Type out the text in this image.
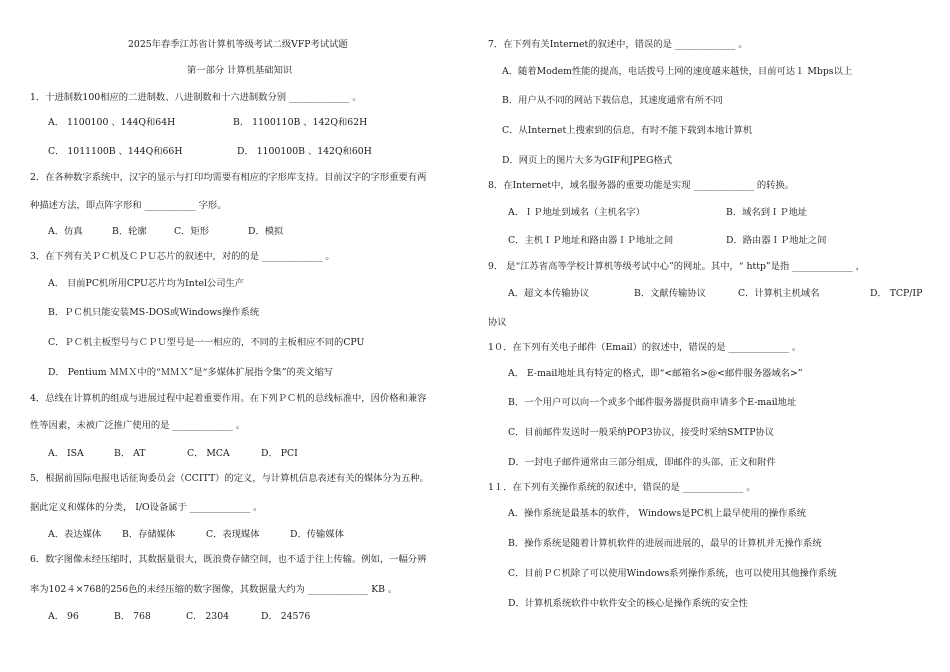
2025年春季江苏省计算机等级考试二级VFP考试试题
第一部分 计算机基础知识
1．十进制数100相应的二进制数、八进制数和十六进制数分别 _____________ 。
A． 1100100 、144Q和64H	B． 1100110B 、142Q和62H
C． 1011100B 、144Q和66H	D． 1100100B 、142Q和60H
2．在各种数字系统中，汉字的显示与打印均需要有相应的字形库支持。目前汉字的字形重要有两
种描述方法，即点阵字形和 ___________ 字形。
A．仿真	B．轮廓	C．矩形	D．模拟
3．在下列有关ＰＣ机及ＣＰＵ芯片的叙述中，对的的是 _____________ 。
A． 目前PC机所用CPU芯片均为Intel公司生产
B．ＰＣ机只能安装MS-DOS或Windows操作系统
C．ＰＣ机主板型号与ＣＰＵ型号是一一相应的，不同的主板相应不同的CPU
D． Pentium ＭＭＸ中的“ＭＭＸ”是“多媒体扩展指令集”的英文缩写
4．总线在计算机的组成与进展过程中起着重要作用。在下列ＰＣ机的总线标准中，因价格和兼容
性等因素，未被广泛推广使用的是 _____________ 。
A． ISA	B． AT	C． MCA	D． PCI
5．根据前国际电报电话征询委员会（CCITT）的定义，与计算机信息表述有关的媒体分为五种。
据此定义和媒体的分类， I/O设备属于 _____________ 。
A．表达媒体 B．存储媒体	C．表现媒体	D．传输媒体
6．数字图像未经压缩时，其数据量很大，既浪费存储空间，也不适于往上传输。例如，一幅分辨
率为102４×768的256色的未经压缩的数字图像，其数据量大约为 _____________ KB 。
A． 96	B． 768	C． 2304	D． 24576
7．在下列有关Internet的叙述中，错误的是 _____________ 。
A．随着Modem性能的提高，电话拨号上网的速度越来越快，目前可达１ Mbps以上
B．用户从不同的网站下载信息，其速度通常有所不同
C．从Internet上搜索到的信息，有时不能下载到本地计算机
D．网页上的图片大多为GIF和JPEG格式
8．在Internet中，域名服务器的重要功能是实现 _____________ 的转换。
A．ＩＰ地址到域名（主机名字）	B．域名到ＩＰ地址
C．主机ＩＰ地址和路由器ＩＰ地址之间	D．路由器ＩＰ地址之间
9． 是“江苏省高等学校计算机等级考试中心”的网址。其中，“ http”是指 _____________ ，
A．超文本传输协议	B．文献传输协议	C．计算机主机域名	D． TCP/IP
协议
1０．在下列有关电子邮件（Email）的叙述中，错误的是 _____________ 。
A． E-mail地址具有特定的格式，即“<邮箱名>@<邮件服务器域名>”
B．一个用户可以向一个或多个邮件服务器提供商申请多个E-mail地址
C．目前邮件发送时一般采纳POP3协议，接受时采纳SMTP协议
D．一封电子邮件通常由三部分组成，即邮件的头部、正文和附件
1１．在下列有关操作系统的叙述中，错误的是 _____________ 。
A．操作系统是最基本的软件， Windows是PC机上最早使用的操作系统
B．操作系统是随着计算机软件的进展而进展的，最早的计算机并无操作系统
C．目前ＰＣ机除了可以使用Windows系列操作系统，也可以使用其他操作系统
D．计算机系统软件中软件安全的核心是操作系统的安全性
